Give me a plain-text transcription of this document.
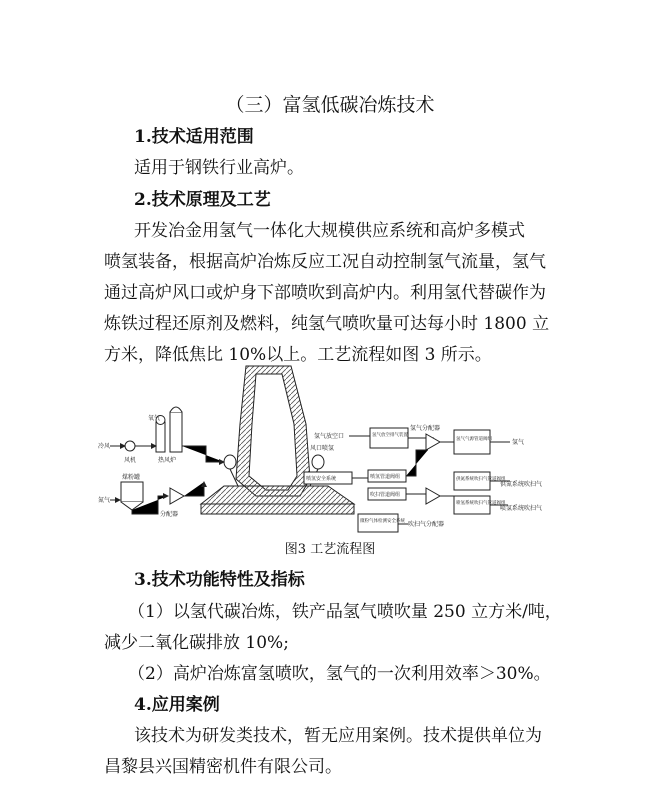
（三）富氢低碳冶炼技术
1.技术适用范围
适用于钢铁行业高炉。
2.技术原理及工艺
开发冶金用氢气一体化大规模供应系统和高炉多模式
喷氢装备，根据高炉冶炼反应工况自动控制氢气流量，氢气
通过高炉风口或炉身下部喷吹到高炉内。利用氢代替碳作为
炼铁过程还原剂及燃料，纯氢气喷吹量可达每小时 1800 立
方米，降低焦比 10%以上。工艺流程如图 3 所示。
氧气
冷风
风机	热风炉
煤粉罐
氮气
分配器
风口喷氢
氢气放空口	氢气放空排气装置
氢气分配器
氢气气源管道阀组	氢气
喷氢安全系统	喷氢管道阀组
吹扫管道阀组
供氮系统吹扫气管道阀组
供氮系统吹扫气
喷氢系统吹扫气管道阀组
喷氢系统吹扫气
微粉气体检测安全系统 吹扫气分配器
图3 工艺流程图
3.技术功能特性及指标
（1）以氢代碳冶炼，铁产品氢气喷吹量 250 立方米/吨，
减少二氧化碳排放 10%;
（2）高炉冶炼富氢喷吹，氢气的一次利用效率＞30%。
4.应用案例
该技术为研发类技术，暂无应用案例。技术提供单位为
昌黎县兴国精密机件有限公司。
